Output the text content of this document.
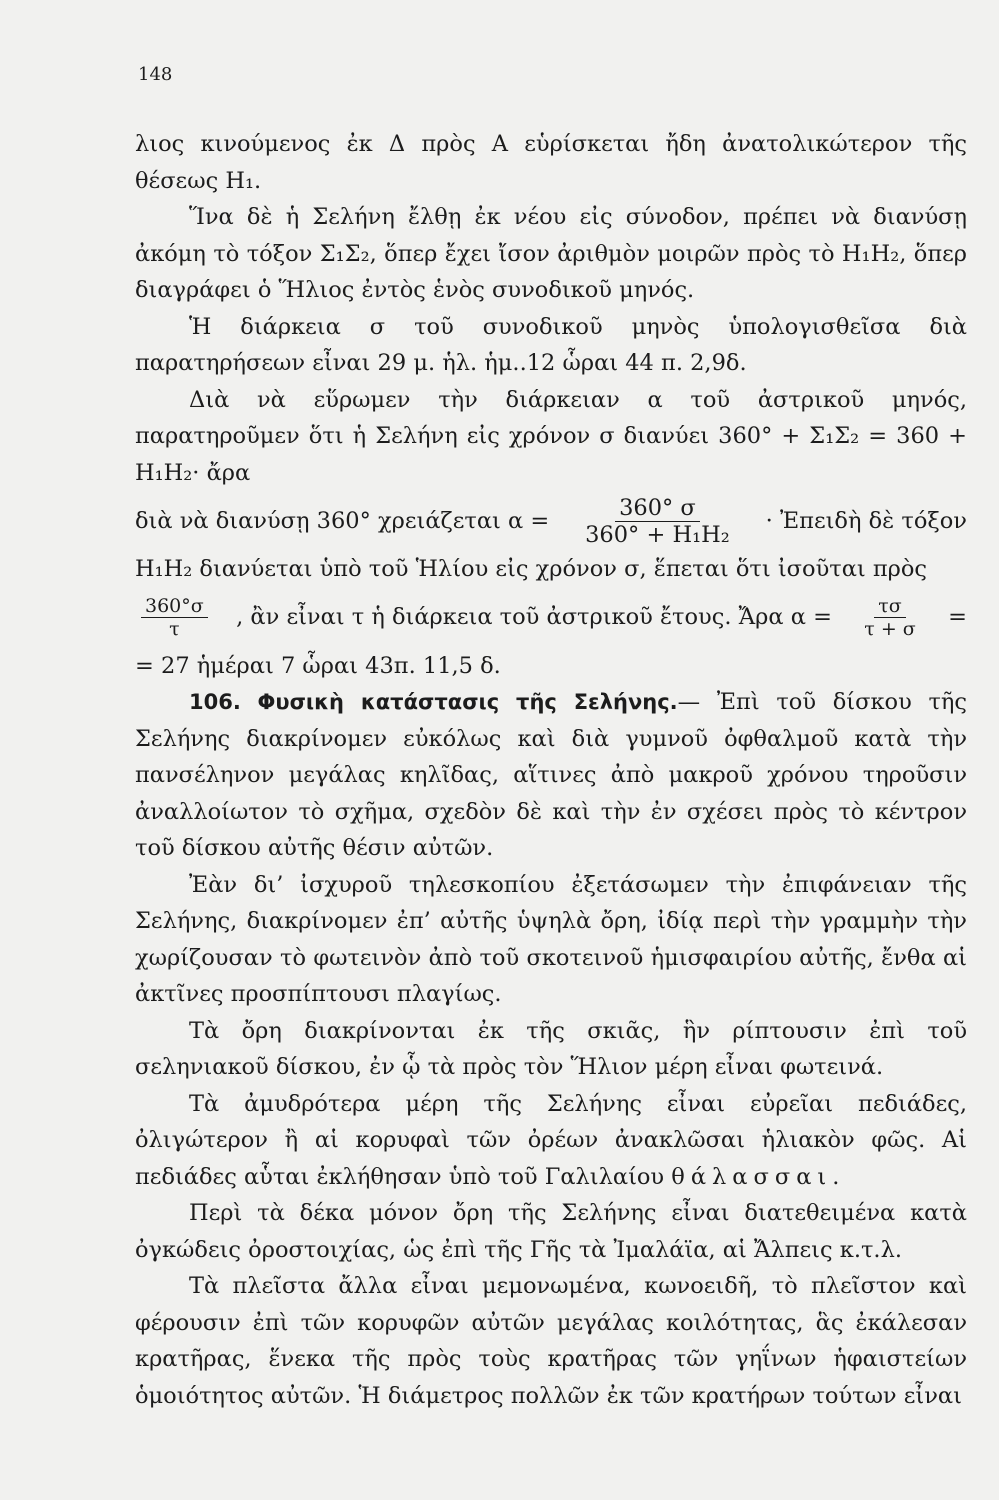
148

λιος κινούμενος ἐκ Δ πρὸς Α εὑρίσκεται ἤδη ἀνατολικώτερον τῆς θέσεως Η₁.

Ἵνα δὲ ἡ Σελήνη ἔλθῃ ἐκ νέου εἰς σύνοδον, πρέπει νὰ διανύσῃ ἀκόμη τὸ τόξον Σ₁Σ₂, ὅπερ ἔχει ἴσον ἀριθμὸν μοιρῶν πρὸς τὸ Η₁Η₂, ὅπερ διαγράφει ὁ Ἥλιος ἐντὸς ἑνὸς συνοδικοῦ μηνός.

Ἡ διάρκεια σ τοῦ συνοδικοῦ μηνὸς ὑπολογισθεῖσα διὰ παρατηρήσεων εἶναι 29 μ. ἡλ. ἡμ..12 ὧραι 44 π. 2,9δ.

Διὰ νὰ εὕρωμεν τὴν διάρκειαν α τοῦ ἀστρικοῦ μηνός, παρατηροῦμεν ὅτι ἡ Σελήνη εἰς χρόνον σ διανύει 360° + Σ₁Σ₂ = 360 + Η₁Η₂· ἄρα

διὰ νὰ διανύσῃ 360° χρειάζεται $\alpha = \frac{360^\circ \sigma}{\text{360° + Η₁Η₂}}$ · Ἐπειδὴ δὲ τόξον

Η₁Η₂ διανύεται ὑπὸ τοῦ Ἡλίου εἰς χρόνον σ, ἕπεται ὅτι ἰσοῦται πρὸς

$\frac{360^\circ\sigma}{\tau}$ , ἂν εἶναι τ ἡ διάρκεια τοῦ ἀστρικοῦ ἔτους. Ἄρα $\alpha = \frac{\tau\sigma}{\tau + \sigma}$ =

= 27 ἡμέραι 7 ὧραι 43π. 11,5 δ.

106. Φυσικὴ κατάστασις τῆς Σελήνης.— Ἐπὶ τοῦ δίσκου τῆς Σελήνης διακρίνομεν εὐκόλως καὶ διὰ γυμνοῦ ὀφθαλμοῦ κατὰ τὴν πανσέληνον μεγάλας κηλῖδας, αἵτινες ἀπὸ μακροῦ χρόνου τηροῦσιν ἀναλλοίωτον τὸ σχῆμα, σχεδὸν δὲ καὶ τὴν ἐν σχέσει πρὸς τὸ κέντρον τοῦ δίσκου αὐτῆς θέσιν αὐτῶν.

Ἐὰν δι’ ἰσχυροῦ τηλεσκοπίου ἐξετάσωμεν τὴν ἐπιφάνειαν τῆς Σελήνης, διακρίνομεν ἐπ’ αὐτῆς ὑψηλὰ ὄρη, ἰδίᾳ περὶ τὴν γραμμὴν τὴν χωρίζουσαν τὸ φωτεινὸν ἀπὸ τοῦ σκοτεινοῦ ἡμισφαιρίου αὐτῆς, ἔνθα αἱ ἀκτῖνες προσπίπτουσι πλαγίως.

Τὰ ὄρη διακρίνονται ἐκ τῆς σκιᾶς, ἣν ρίπτουσιν ἐπὶ τοῦ σεληνιακοῦ δίσκου, ἐν ᾧ τὰ πρὸς τὸν Ἥλιον μέρη εἶναι φωτεινά.

Τὰ ἀμυδρότερα μέρη τῆς Σελήνης εἶναι εὐρεῖαι πεδιάδες, ὀλιγώτερον ἢ αἱ κορυφαὶ τῶν ὀρέων ἀνακλῶσαι ἡλιακὸν φῶς. Αἱ πεδιάδες αὗται ἐκλήθησαν ὑπὸ τοῦ Γαλιλαίου θάλασσαι.

Περὶ τὰ δέκα μόνον ὄρη τῆς Σελήνης εἶναι διατεθειμένα κατὰ ὀγκώδεις ὀροστοιχίας, ὡς ἐπὶ τῆς Γῆς τὰ Ἰμαλάϊα, αἱ Ἄλπεις κ.τ.λ.

Τὰ πλεῖστα ἄλλα εἶναι μεμονωμένα, κωνοειδῆ, τὸ πλεῖστον καὶ φέρουσιν ἐπὶ τῶν κορυφῶν αὐτῶν μεγάλας κοιλότητας, ἃς ἐκάλεσαν κρατῆρας, ἕνεκα τῆς πρὸς τοὺς κρατῆρας τῶν γηΐνων ἡφαιστείων ὁμοιότητος αὐτῶν. Ἡ διάμετρος πολλῶν ἐκ τῶν κρατήρων τούτων εἶναι
